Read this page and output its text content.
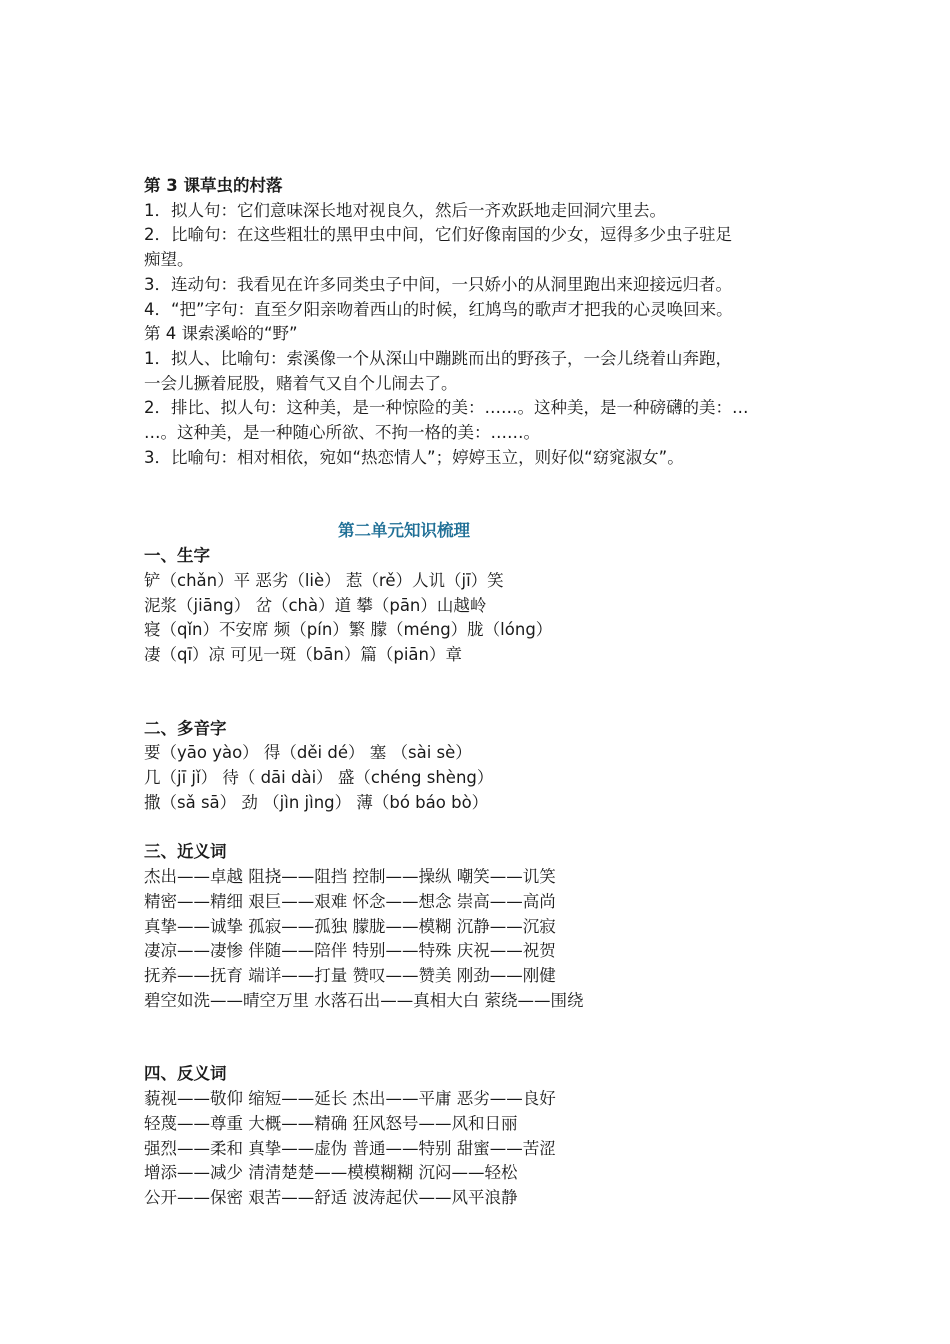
第 3 课草虫的村落
1．拟人句：它们意味深长地对视良久，然后一齐欢跃地走回洞穴里去。
2．比喻句：在这些粗壮的黑甲虫中间，它们好像南国的少女，逗得多少虫子驻足
痴望。
3．连动句：我看见在许多同类虫子中间，一只娇小的从洞里跑出来迎接远归者。
4．“把”字句：直至夕阳亲吻着西山的时候，红鸠鸟的歌声才把我的心灵唤回来。
第 4 课索溪峪的“野”
1．拟人、比喻句：索溪像一个从深山中蹦跳而出的野孩子，一会儿绕着山奔跑，
一会儿撅着屁股，赌着气又自个儿闹去了。
2．排比、拟人句：这种美，是一种惊险的美：……。这种美，是一种磅礴的美：…
…。这种美，是一种随心所欲、不拘一格的美：……。
3．比喻句：相对相依，宛如“热恋情人”；婷婷玉立，则好似“窈窕淑女”。
第二单元知识梳理
一、生字
铲（chǎn）平 恶劣（liè） 惹（rě）人讥（jī）笑
泥浆（jiāng） 岔（chà）道 攀（pān）山越岭
寝（qǐn）不安席 频（pín）繁 朦（méng）胧（lóng）
凄（qī）凉 可见一斑（bān）篇（piān）章
二、多音字
要（yāo yào） 得（děi dé） 塞 （sài sè）
几（jī jǐ） 待（ dāi dài） 盛（chéng shèng）
撒（sǎ sā） 劲 （jìn jìng） 薄（bó báo bò）
三、近义词
杰出——卓越 阻挠——阻挡 控制——操纵 嘲笑——讥笑
精密——精细 艰巨——艰难 怀念——想念 崇高——高尚
真挚——诚挚 孤寂——孤独 朦胧——模糊 沉静——沉寂
凄凉——凄惨 伴随——陪伴 特别——特殊 庆祝——祝贺
抚养——抚育 端详——打量 赞叹——赞美 刚劲——刚健
碧空如洗——晴空万里 水落石出——真相大白 萦绕——围绕
四、反义词
藐视——敬仰 缩短——延长 杰出——平庸 恶劣——良好
轻蔑——尊重 大概——精确 狂风怒号——风和日丽
强烈——柔和 真挚——虚伪 普通——特别 甜蜜——苦涩
增添——减少 清清楚楚——模模糊糊 沉闷——轻松
公开——保密 艰苦——舒适 波涛起伏——风平浪静
